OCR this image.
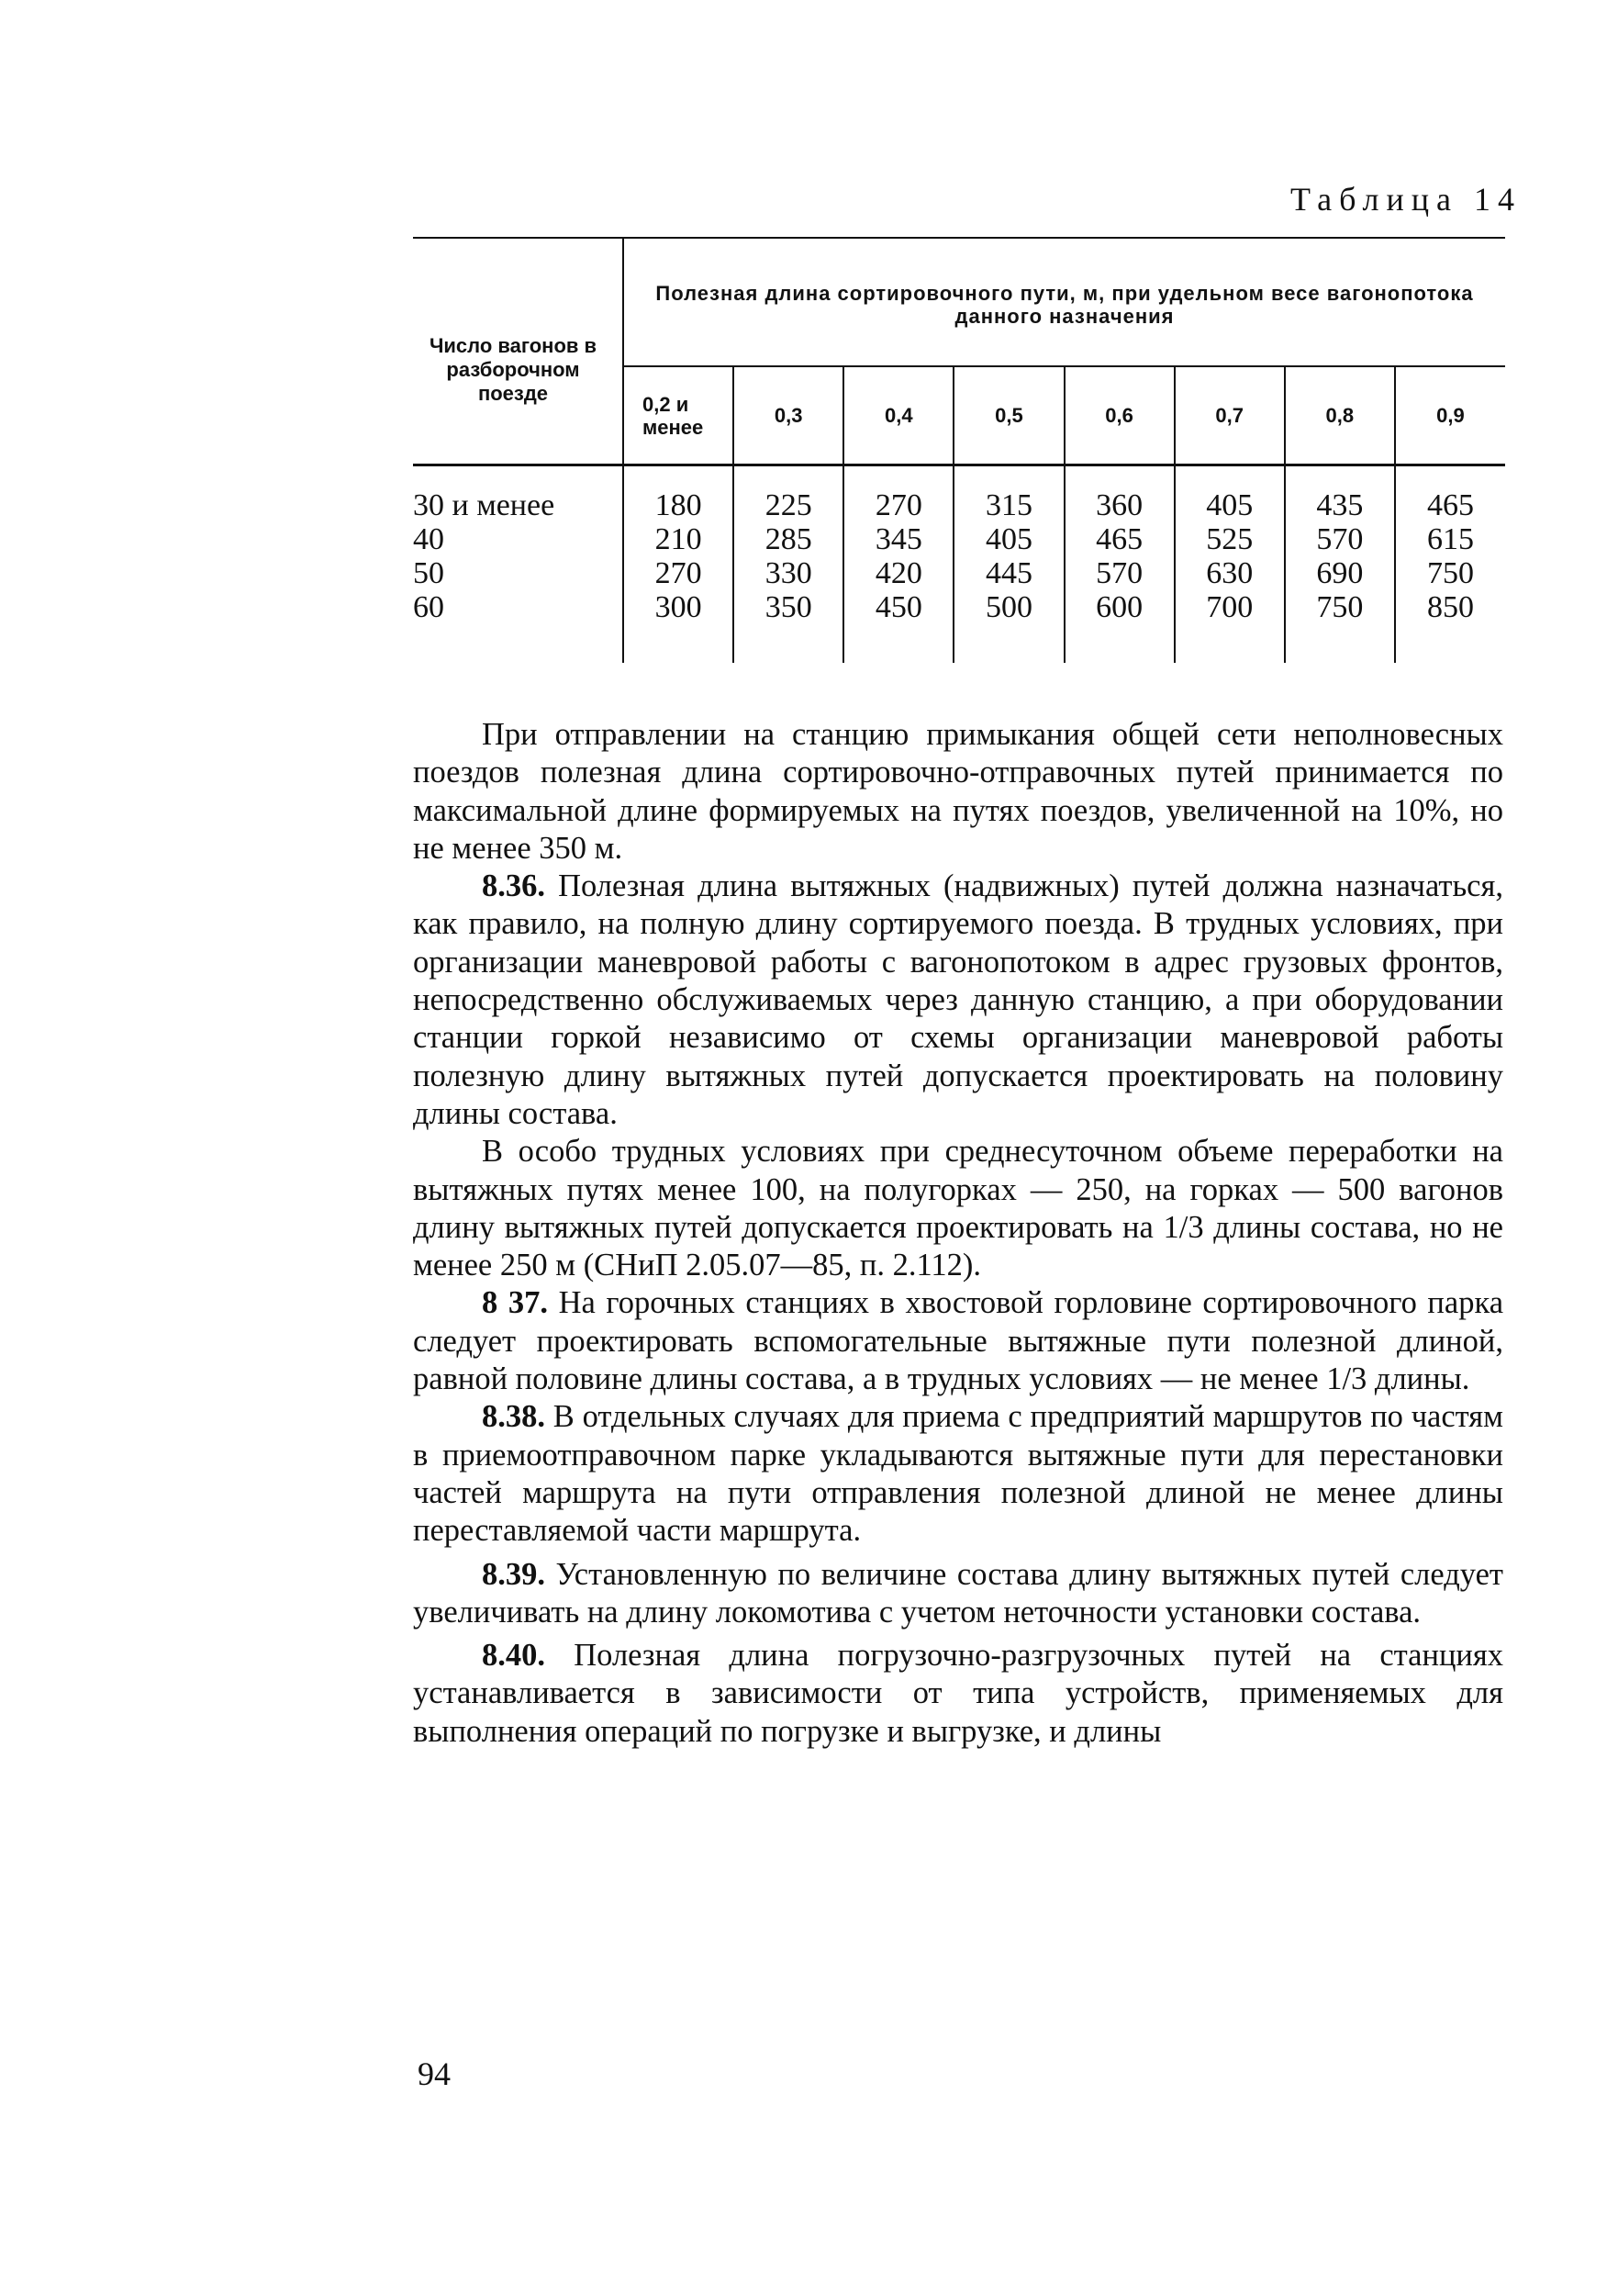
Таблица 14
Число вагонов в разборочном поезде	Полезная длина сортировочного пути, м, при удельном весе вагонопотока данного назначения							
	0,2 и менее	0,3	0,4	0,5	0,6	0,7	0,8	0,9
30 и менее	180	225	270	315	360	405	435	465
40	210	285	345	405	465	525	570	615
50	270	330	420	445	570	630	690	750
60	300	350	450	500	600	700	750	850

При отправлении на станцию примыкания общей сети неполновесных поездов полезная длина сортировочно-отправочных путей принимается по максимальной длине формируемых на путях поездов, увеличенной на 10%, но не менее 350 м.

8.36. Полезная длина вытяжных (надвижных) путей должна назначаться, как правило, на полную длину сортируемого поезда. В трудных условиях, при организации маневровой работы с вагонопотоком в адрес грузовых фронтов, непосредственно обслуживаемых через данную станцию, а при оборудовании станции горкой независимо от схемы организации маневровой работы полезную длину вытяжных путей допускается проектировать на половину длины состава.

В особо трудных условиях при среднесуточном объеме переработки на вытяжных путях менее 100, на полугорках — 250, на горках — 500 вагонов длину вытяжных путей допускается проектировать на 1/3 длины состава, но не менее 250 м (СНиП 2.05.07—85, п. 2.112).

8 37. На горочных станциях в хвостовой горловине сортировочного парка следует проектировать вспомогательные вытяжные пути полезной длиной, равной половине длины состава, а в трудных условиях — не менее 1/3 длины.

8.38. В отдельных случаях для приема с предприятий маршрутов по частям в приемоотправочном парке укладываются вытяжные пути для перестановки частей маршрута на пути отправления полезной длиной не менее длины переставляемой части маршрута.

8.39. Установленную по величине состава длину вытяжных путей следует увеличивать на длину локомотива с учетом неточности установки состава.

8.40. Полезная длина погрузочно-разгрузочных путей на станциях устанавливается в зависимости от типа устройств, применяемых для выполнения операций по погрузке и выгрузке, и длины

94
